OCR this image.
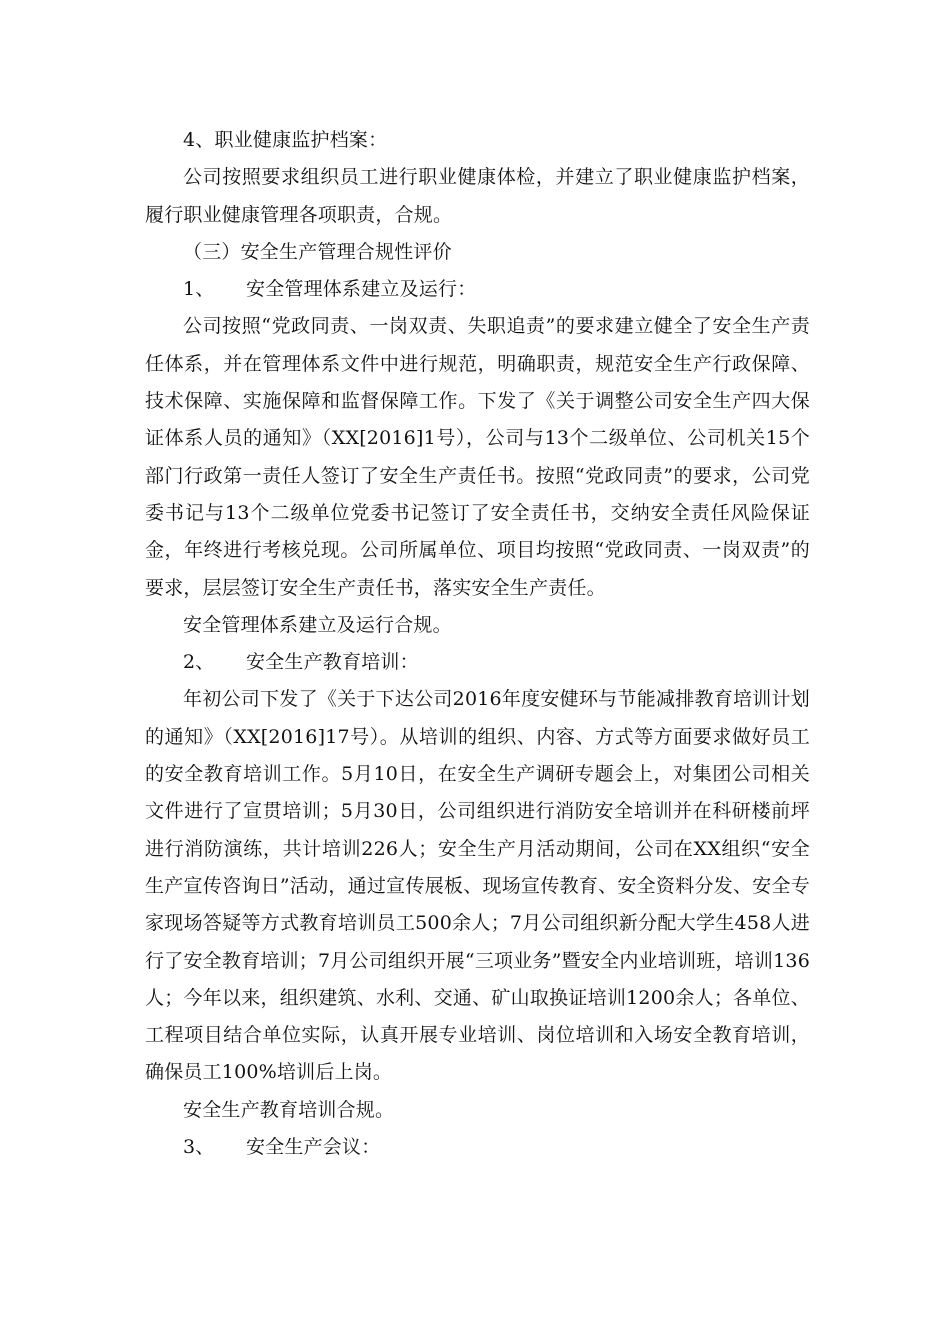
4、职业健康监护档案：

公司按照要求组织员工进行职业健康体检，并建立了职业健康监护档案，履行职业健康管理各项职责，合规。

（三）安全生产管理合规性评价

1、	安全管理体系建立及运行：

公司按照“党政同责、一岗双责、失职追责”的要求建立健全了安全生产责任体系，并在管理体系文件中进行规范，明确职责，规范安全生产行政保障、技术保障、实施保障和监督保障工作。下发了《关于调整公司安全生产四大保证体系人员的通知》（XX[2016]1号），公司与13个二级单位、公司机关15个部门行政第一责任人签订了安全生产责任书。按照“党政同责”的要求，公司党委书记与13个二级单位党委书记签订了安全责任书，交纳安全责任风险保证金，年终进行考核兑现。公司所属单位、项目均按照“党政同责、一岗双责”的要求，层层签订安全生产责任书，落实安全生产责任。

安全管理体系建立及运行合规。

2、	安全生产教育培训：

年初公司下发了《关于下达公司2016年度安健环与节能减排教育培训计划的通知》（XX[2016]17号）。从培训的组织、内容、方式等方面要求做好员工的安全教育培训工作。5月10日，在安全生产调研专题会上，对集团公司相关文件进行了宣贯培训；5月30日，公司组织进行消防安全培训并在科研楼前坪进行消防演练，共计培训226人；安全生产月活动期间，公司在XX组织“安全生产宣传咨询日”活动，通过宣传展板、现场宣传教育、安全资料分发、安全专家现场答疑等方式教育培训员工500余人；7月公司组织新分配大学生458人进行了安全教育培训；7月公司组织开展“三项业务”暨安全内业培训班，培训136人；今年以来，组织建筑、水利、交通、矿山取换证培训1200余人；各单位、工程项目结合单位实际，认真开展专业培训、岗位培训和入场安全教育培训，确保员工100%培训后上岗。

安全生产教育培训合规。

3、	安全生产会议：
